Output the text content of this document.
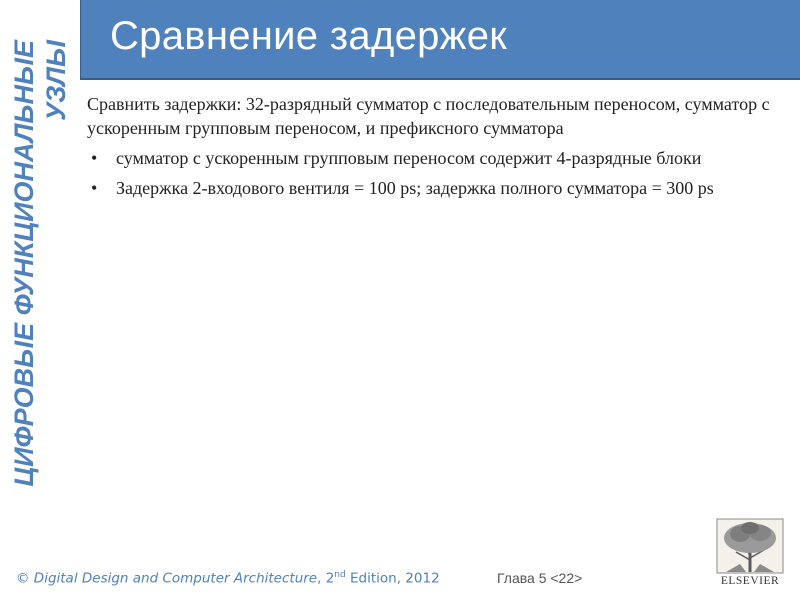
Сравнение задержек
ЦИФРОВЫЕ ФУНКЦИОНАЛЬНЫЕ УЗЛЫ Сравнить задержки: 32-разрядный сумматор с последовательным переносом, сумматор с ускоренным групповым переносом, и префиксного сумматора

• сумматор с ускоренным групповым переносом содержит 4-разрядные блоки
• Задержка 2-входового вентиля = 100 ps; задержка полного сумматора = 300 ps
© Digital Design and Computer Architecture, 2nd Edition, 2012	Глава 5 <22>	ELSEVIER
